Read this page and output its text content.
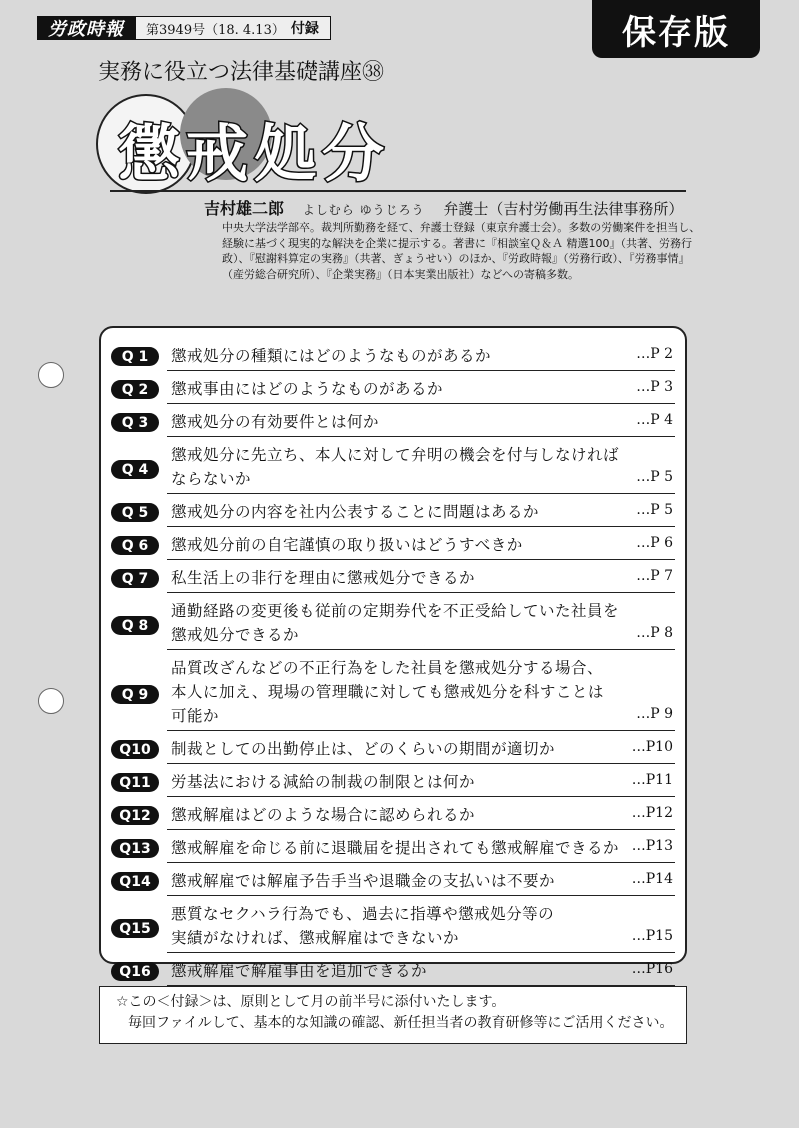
労政時報	第3949号（18. 4.13） 付録	保存版
実務に役立つ法律基礎講座㊳
懲戒処分
吉村雄二郎 よしむら ゆうじろう 弁護士（吉村労働再生法律事務所）
中央大学法学部卒。裁判所勤務を経て、弁護士登録（東京弁護士会）。多数の労働案件を担当し、
経験に基づく現実的な解決を企業に提示する。著書に『相談室Ｑ＆Ａ 精選100』（共著、労務行
政）、『慰謝料算定の実務』（共著、ぎょうせい）のほか、『労政時報』（労務行政）、『労務事情』
（産労総合研究所）、『企業実務』（日本実業出版社）などへの寄稿多数。
Q 1	懲戒処分の種類にはどのようなものがあるか	…P 2
Q 2	懲戒事由にはどのようなものがあるか	…P 3
Q 3	懲戒処分の有効要件とは何か	…P 4
Q 4
懲戒処分に先立ち、本人に対して弁明の機会を付与しなければ
ならないか	…P 5
Q 5	懲戒処分の内容を社内公表することに問題はあるか	…P 5
Q 6	懲戒処分前の自宅謹慎の取り扱いはどうすべきか	…P 6
Q 7	私生活上の非行を理由に懲戒処分できるか	…P 7
Q 8
通勤経路の変更後も従前の定期券代を不正受給していた社員を
懲戒処分できるか	…P 8
Q 9
品質改ざんなどの不正行為をした社員を懲戒処分する場合、
本人に加え、現場の管理職に対しても懲戒処分を科すことは
可能か	…P 9
Q10	制裁としての出勤停止は、どのくらいの期間が適切か	…P10
Q11	労基法における減給の制裁の制限とは何か	…P11
Q12	懲戒解雇はどのような場合に認められるか	…P12
Q13	懲戒解雇を命じる前に退職届を提出されても懲戒解雇できるか …P13
Q14	懲戒解雇では解雇予告手当や退職金の支払いは不要か	…P14
Q15
悪質なセクハラ行為でも、過去に指導や懲戒処分等の
実績がなければ、懲戒解雇はできないか	…P15
Q16	懲戒解雇で解雇事由を追加できるか	…P16
☆この＜付録＞は、原則として月の前半号に添付いたします。
毎回ファイルして、基本的な知識の確認、新任担当者の教育研修等にご活用ください。
